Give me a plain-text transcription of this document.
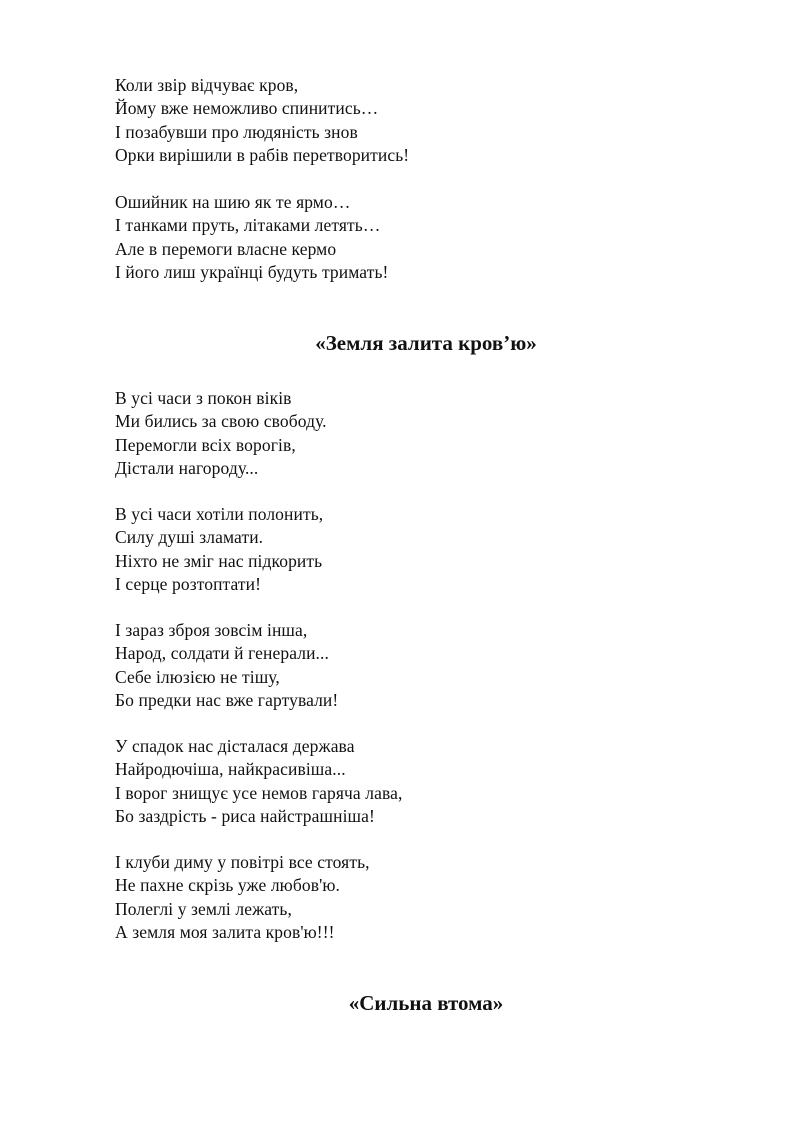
Коли звір відчуває кров,
Йому вже неможливо спинитись…
І позабувши про людяність знов
Орки вирішили в рабів перетворитись!
Ошийник на шию як те ярмо…
І танками пруть, літаками летять…
Але в перемоги власне кермо
І його лиш українці будуть тримать!
«Земля залита кров’ю»
В усі часи з покон віків
Ми бились за свою свободу.
Перемогли всіх ворогів,
Дістали нагороду...
В усі часи хотіли полонить,
Силу душі зламати.
Ніхто не зміг нас підкорить
І серце розтоптати!
І зараз зброя зовсім інша,
Народ, солдати й генерали...
Себе ілюзією не тішу,
Бо предки нас вже гартували!
У спадок нас дісталася держава
Найродючіша, найкрасивіша...
І ворог знищує усе немов гаряча лава,
Бо заздрість - риса найстрашніша!
І клуби диму у повітрі все стоять,
Не пахне скрізь уже любов'ю.
Полеглі у землі лежать,
А земля моя залита кров'ю!!!
«Сильна втома»
